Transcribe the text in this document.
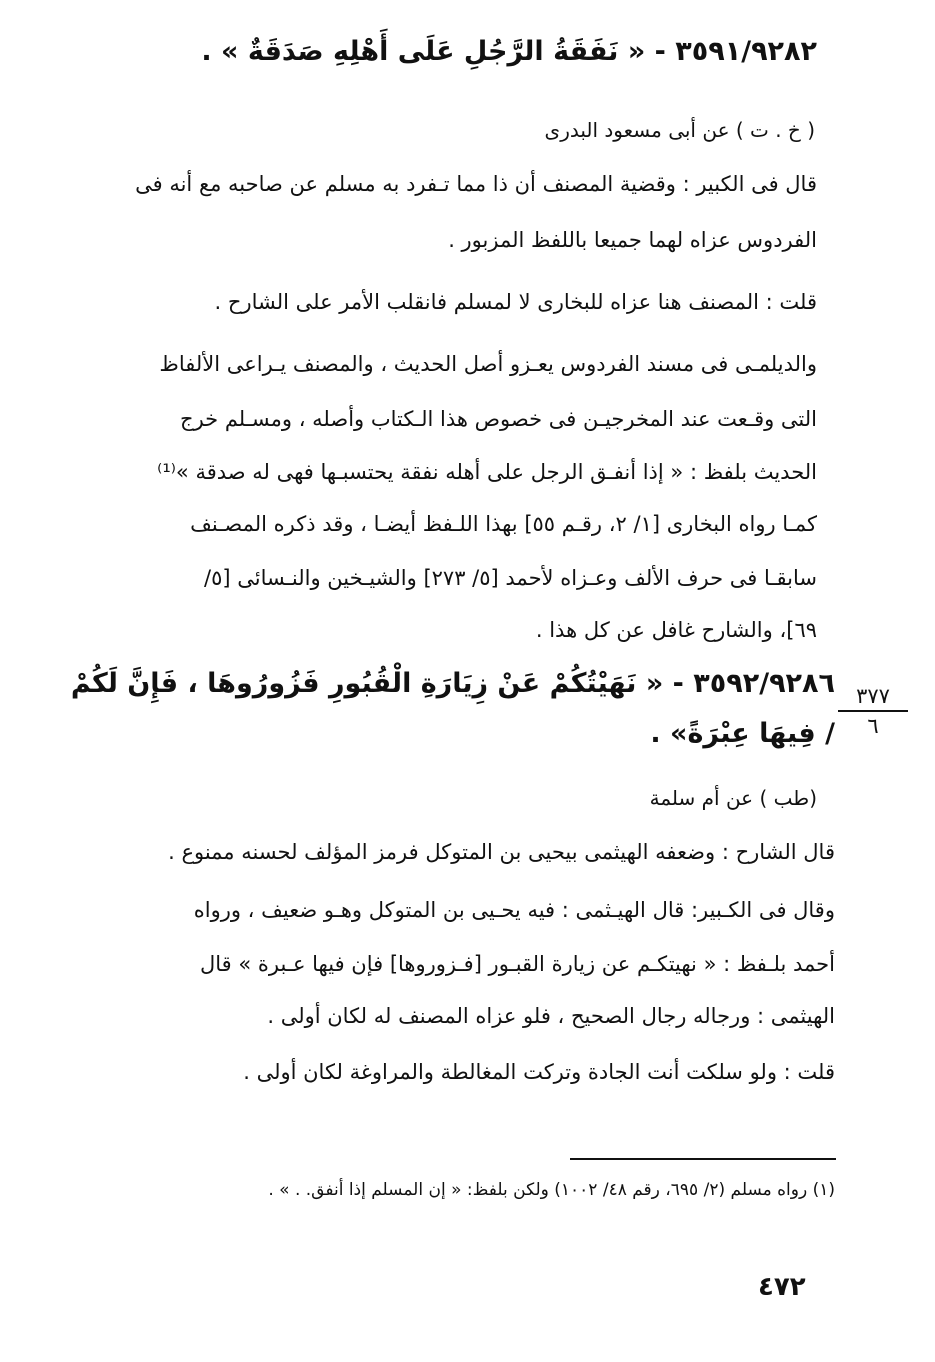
٣٥٩١/٩٢٨٢ - « نَفَقَةُ الرَّجُلِ عَلَى أَهْلِهِ صَدَقَةٌ » .
( خ . ت ) عن أبى مسعود البدرى
قال فى الكبير : وقضية المصنف أن ذا مما تـفرد به مسلم عن صاحبه مع أنه فى
الفردوس عزاه لهما جميعا باللفظ المزبور .
قلت : المصنف هنا عزاه للبخارى لا لمسلم فانقلب الأمر على الشارح .
والديلمـى فى مسند الفردوس يعـزو أصل الحديث ، والمصنف يـراعى الألفاظ
التى وقـعت عند المخرجيـن فى خصوص هذا الـكتاب وأصله ، ومسـلم خرج
الحديث بلفظ : « إذا أنفـق الرجل على أهله نفقة يحتسبـها فهى له صدقة »⁽¹⁾
كمـا رواه البخارى [١/ ٢، رقـم ٥٥] بهذا اللـفظ أيضـا ، وقد ذكره المصـنف
سابقـا فى حرف الألف وعـزاه لأحمد [٥/ ٢٧٣] والشيـخين والنـسائى [٥/
٦٩]، والشارح غافل عن كل هذا .
٣٥٩٢/٩٢٨٦ - « نَهَيْتُكُمْ عَنْ زِيَارَةِ الْقُبُورِ فَزُورُوهَا ، فَإِنَّ لَكُمْ
/ فِيهَا عِبْرَةً» .
٣٧٧
٦
(طب ) عن أم سلمة
قال الشارح : وضعفه الهيثمى بيحيى بن المتوكل فرمز المؤلف لحسنه ممنوع .
وقال فى الكـبير: قال الهيـثمى : فيه يحـيى بن المتوكل وهـو ضعيف ، ورواه
أحمد بلـفظ : « نهيتكـم عن زيارة القبـور [فـزوروها] فإن فيها عـبرة » قال
الهيثمى : ورجاله رجال الصحيح ، فلو عزاه المصنف له لكان أولى .
قلت : ولو سلكت أنت الجادة وتركت المغالطة والمراوغة لكان أولى .
(١) رواه مسلم (٢/ ٦٩٥، رقم ٤٨/ ١٠٠٢) ولكن بلفظ: « إن المسلم إذا أنفق. . » .
٤٧٢
